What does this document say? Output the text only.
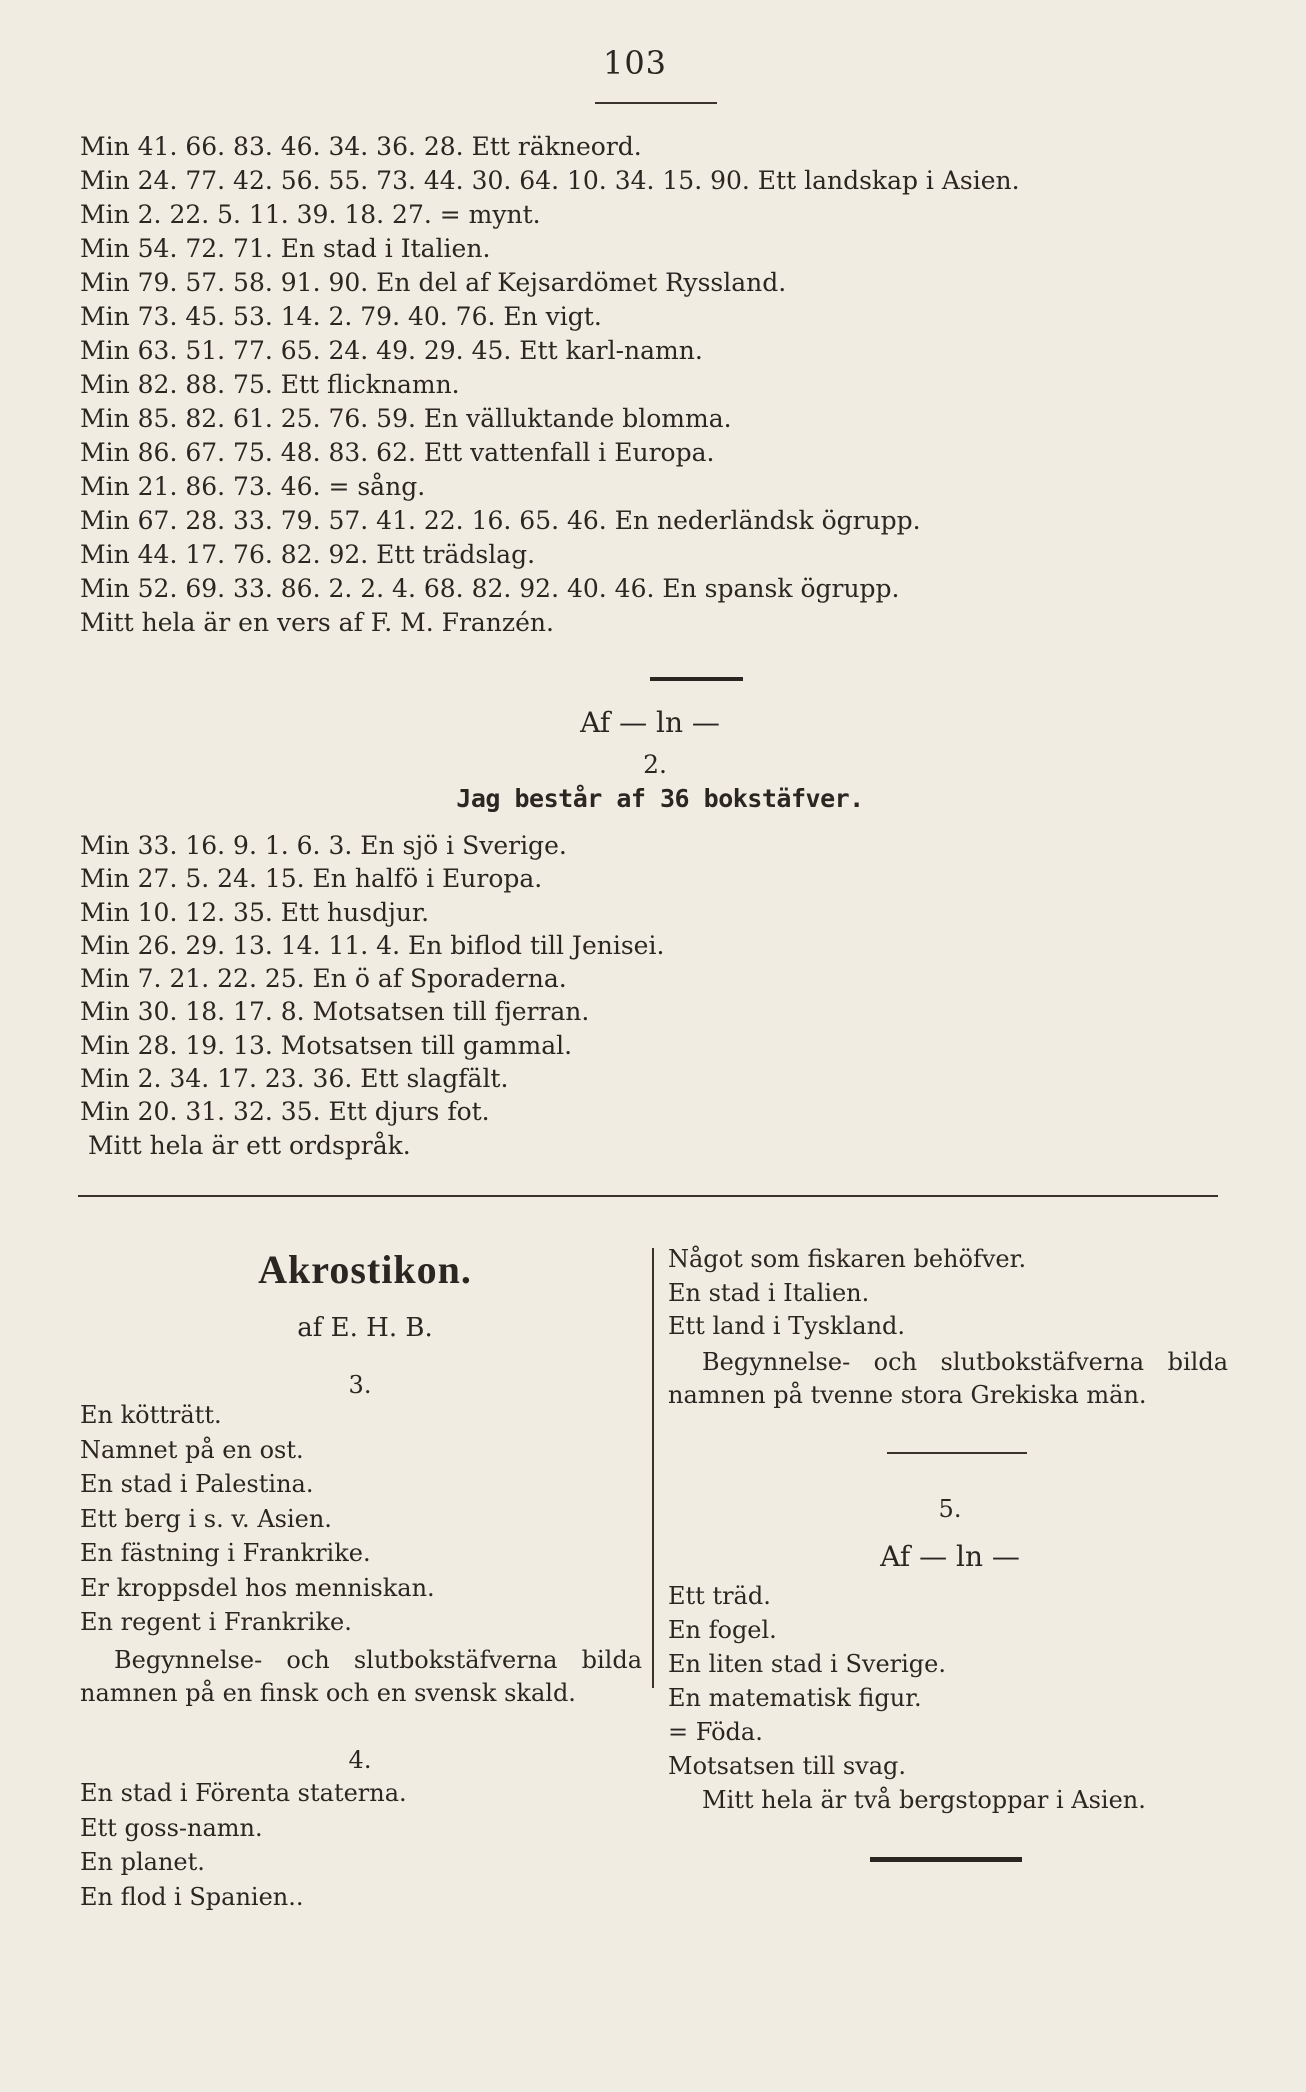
103
Min 41. 66. 83. 46. 34. 36. 28. Ett räkneord.
Min 24. 77. 42. 56. 55. 73. 44. 30. 64. 10. 34. 15. 90. Ett landskap i Asien.
Min 2. 22. 5. 11. 39. 18. 27. = mynt.
Min 54. 72. 71. En stad i Italien.
Min 79. 57. 58. 91. 90. En del af Kejsardömet Ryssland.
Min 73. 45. 53. 14. 2. 79. 40. 76. En vigt.
Min 63. 51. 77. 65. 24. 49. 29. 45. Ett karl-namn.
Min 82. 88. 75. Ett flicknamn.
Min 85. 82. 61. 25. 76. 59. En välluktande blomma.
Min 86. 67. 75. 48. 83. 62. Ett vattenfall i Europa.
Min 21. 86. 73. 46. = sång.
Min 67. 28. 33. 79. 57. 41. 22. 16. 65. 46. En nederländsk ögrupp.
Min 44. 17. 76. 82. 92. Ett trädslag.
Min 52. 69. 33. 86. 2. 2. 4. 68. 82. 92. 40. 46. En spansk ögrupp.
Mitt hela är en vers af F. M. Franzén.
Af — ln —
2.
Jag består af 36 bokstäfver.
Min 33. 16. 9. 1. 6. 3. En sjö i Sverige.
Min 27. 5. 24. 15. En halfö i Europa.
Min 10. 12. 35. Ett husdjur.
Min 26. 29. 13. 14. 11. 4. En biflod till Jenisei.
Min 7. 21. 22. 25. En ö af Sporaderna.
Min 30. 18. 17. 8. Motsatsen till fjerran.
Min 28. 19. 13. Motsatsen till gammal.
Min 2. 34. 17. 23. 36. Ett slagfält.
Min 20. 31. 32. 35. Ett djurs fot.
Mitt hela är ett ordspråk.
Akrostikon.
af E. H. B.
3.
En kötträtt.
Namnet på en ost.
En stad i Palestina.
Ett berg i s. v. Asien.
En fästning i Frankrike.
Er kroppsdel hos menniskan.
En regent i Frankrike.
Begynnelse- och slutbokstäfverna bilda namnen på en finsk och en svensk skald.
4.
En stad i Förenta staterna.
Ett goss-namn.
En planet.
En flod i Spanien..
Något som fiskaren behöfver.
En stad i Italien.
Ett land i Tyskland.
Begynnelse- och slutbokstäfverna bilda namnen på tvenne stora Grekiska män.
5.
Af — ln —
Ett träd.
En fogel.
En liten stad i Sverige.
En matematisk figur.
= Föda.
Motsatsen till svag.
Mitt hela är två bergstoppar i Asien.
